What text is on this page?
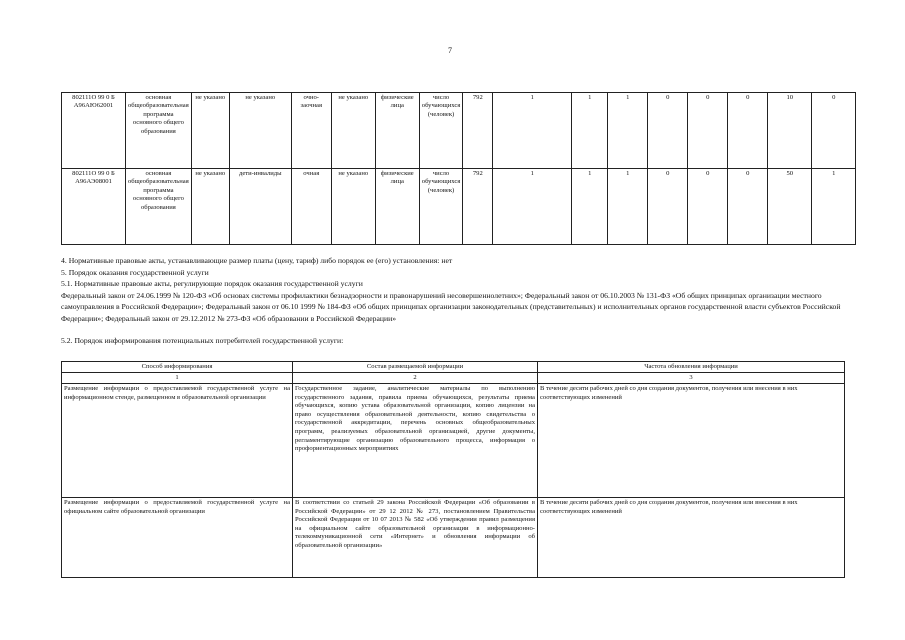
7
802111О 99 0 Б А96АЮ62001	основная общеобразовательная программа основного общего образования	не указано	не указано	очно-заочная	не указано	физические лица	число обучающихся (человек)	792	1	1	1	0	0	0	10	0
802111О 99 0 Б А96АЭ08001	основная общеобразовательная программа основного общего образования	не указано	дети-инвалиды	очная	не указано	физические лица	число обучающихся (человек)	792	1	1	1	0	0	0	50	1

4. Нормативные правовые акты, устанавливающие размер платы (цену, тариф) либо порядок ее (его) установления: нет

5. Порядок оказания государственной услуги

5.1. Нормативные правовые акты, регулирующие порядок оказания государственной услуги

Федеральный закон от 24.06.1999 № 120-ФЗ «Об основах системы профилактики безнадзорности и правонарушений несовершеннолетних»; Федеральный закон от 06.10.2003 № 131-ФЗ «Об общих принципах организации местного самоуправления в Российской Федерации»; Федеральный закон от 06.10 1999 № 184-ФЗ «Об общих принципах организации законодательных (представительных) и исполнительных органов государственной власти субъектов Российской Федерации»; Федеральный закон от 29.12.2012 № 273-ФЗ «Об образовании в Российской Федерации»

5.2. Порядок информирования потенциальных потребителей государственной услуги:

Способ информирования	Состав размещаемой информации	Частота обновления информации
1	2	3
Размещение информации о предоставляемой государственной услуге на информационном стенде, размещенном в образовательной организации	Государственное задание, аналитические материалы по выполнению государственного задания, правила приема обучающихся, результаты приема обучающихся, копию устава образовательной организации, копию лицензии на право осуществления образовательной деятельности, копию свидетельства о государственной аккредитации, перечень основных общеобразовательных программ, реализуемых образовательной организацией, другие документы, регламентирующие организацию образовательного процесса, информация о профориентационных мероприятиях	В течение десяти рабочих дней со дня создания документов, получения или внесения в них соответствующих изменений
Размещение информации о предоставляемой государственной услуге на официальном сайте образовательной организации	В соответствии со статьей 29 закона Российской Федерации «Об образовании в Российской Федерации» от 29 12 2012 № 273, постановлением Правительства Российской Федерации от 10 07 2013 № 582 «Об утверждении правил размещения на официальном сайте образовательной организации в информационно-телекоммуникационной сети «Интернет» и обновления информации об образовательной организации»	В течение десяти рабочих дней со дня создания документов, получения или внесения в них соответствующих изменений
